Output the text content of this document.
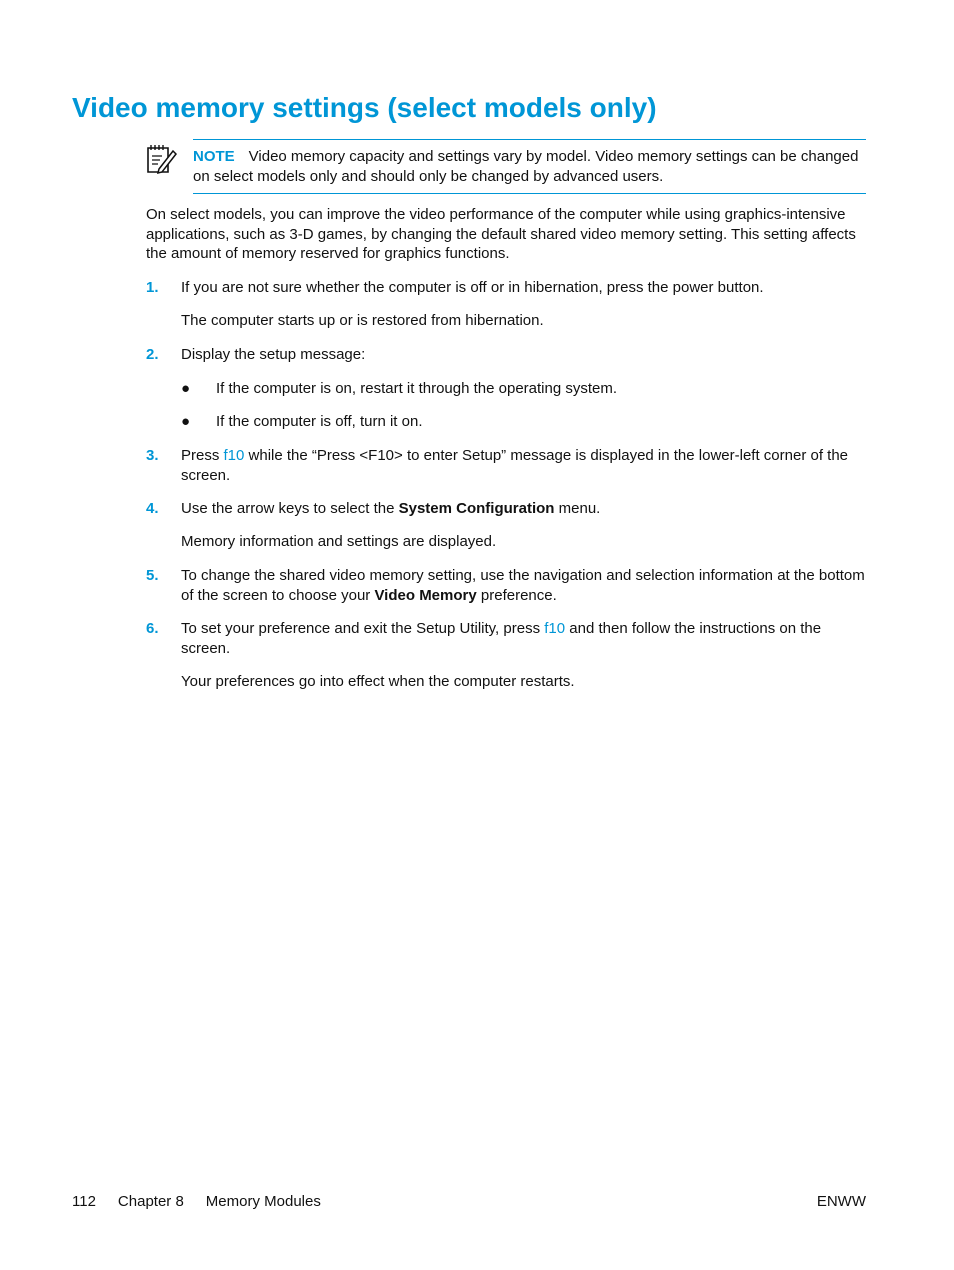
Video memory settings (select models only)
NOTE Video memory capacity and settings vary by model. Video memory settings can be changed on select models only and should only be changed by advanced users.

On select models, you can improve the video performance of the computer while using graphics-intensive applications, such as 3-D games, by changing the default shared video memory setting. This setting affects the amount of memory reserved for graphics functions.

1. If you are not sure whether the computer is off or in hibernation, press the power button.

The computer starts up or is restored from hibernation.

2. Display the setup message:
● If the computer is on, restart it through the operating system.
● If the computer is off, turn it on.
3. Press f10 while the “Press <F10> to enter Setup” message is displayed in the lower-left corner of the screen.
4. Use the arrow keys to select the System Configuration menu.

Memory information and settings are displayed.

5. To change the shared video memory setting, use the navigation and selection information at the bottom of the screen to choose your Video Memory preference.
6. To set your preference and exit the Setup Utility, press f10 and then follow the instructions on the screen.

Your preferences go into effect when the computer restarts.

112 Chapter 8 Memory Modules	ENWW
